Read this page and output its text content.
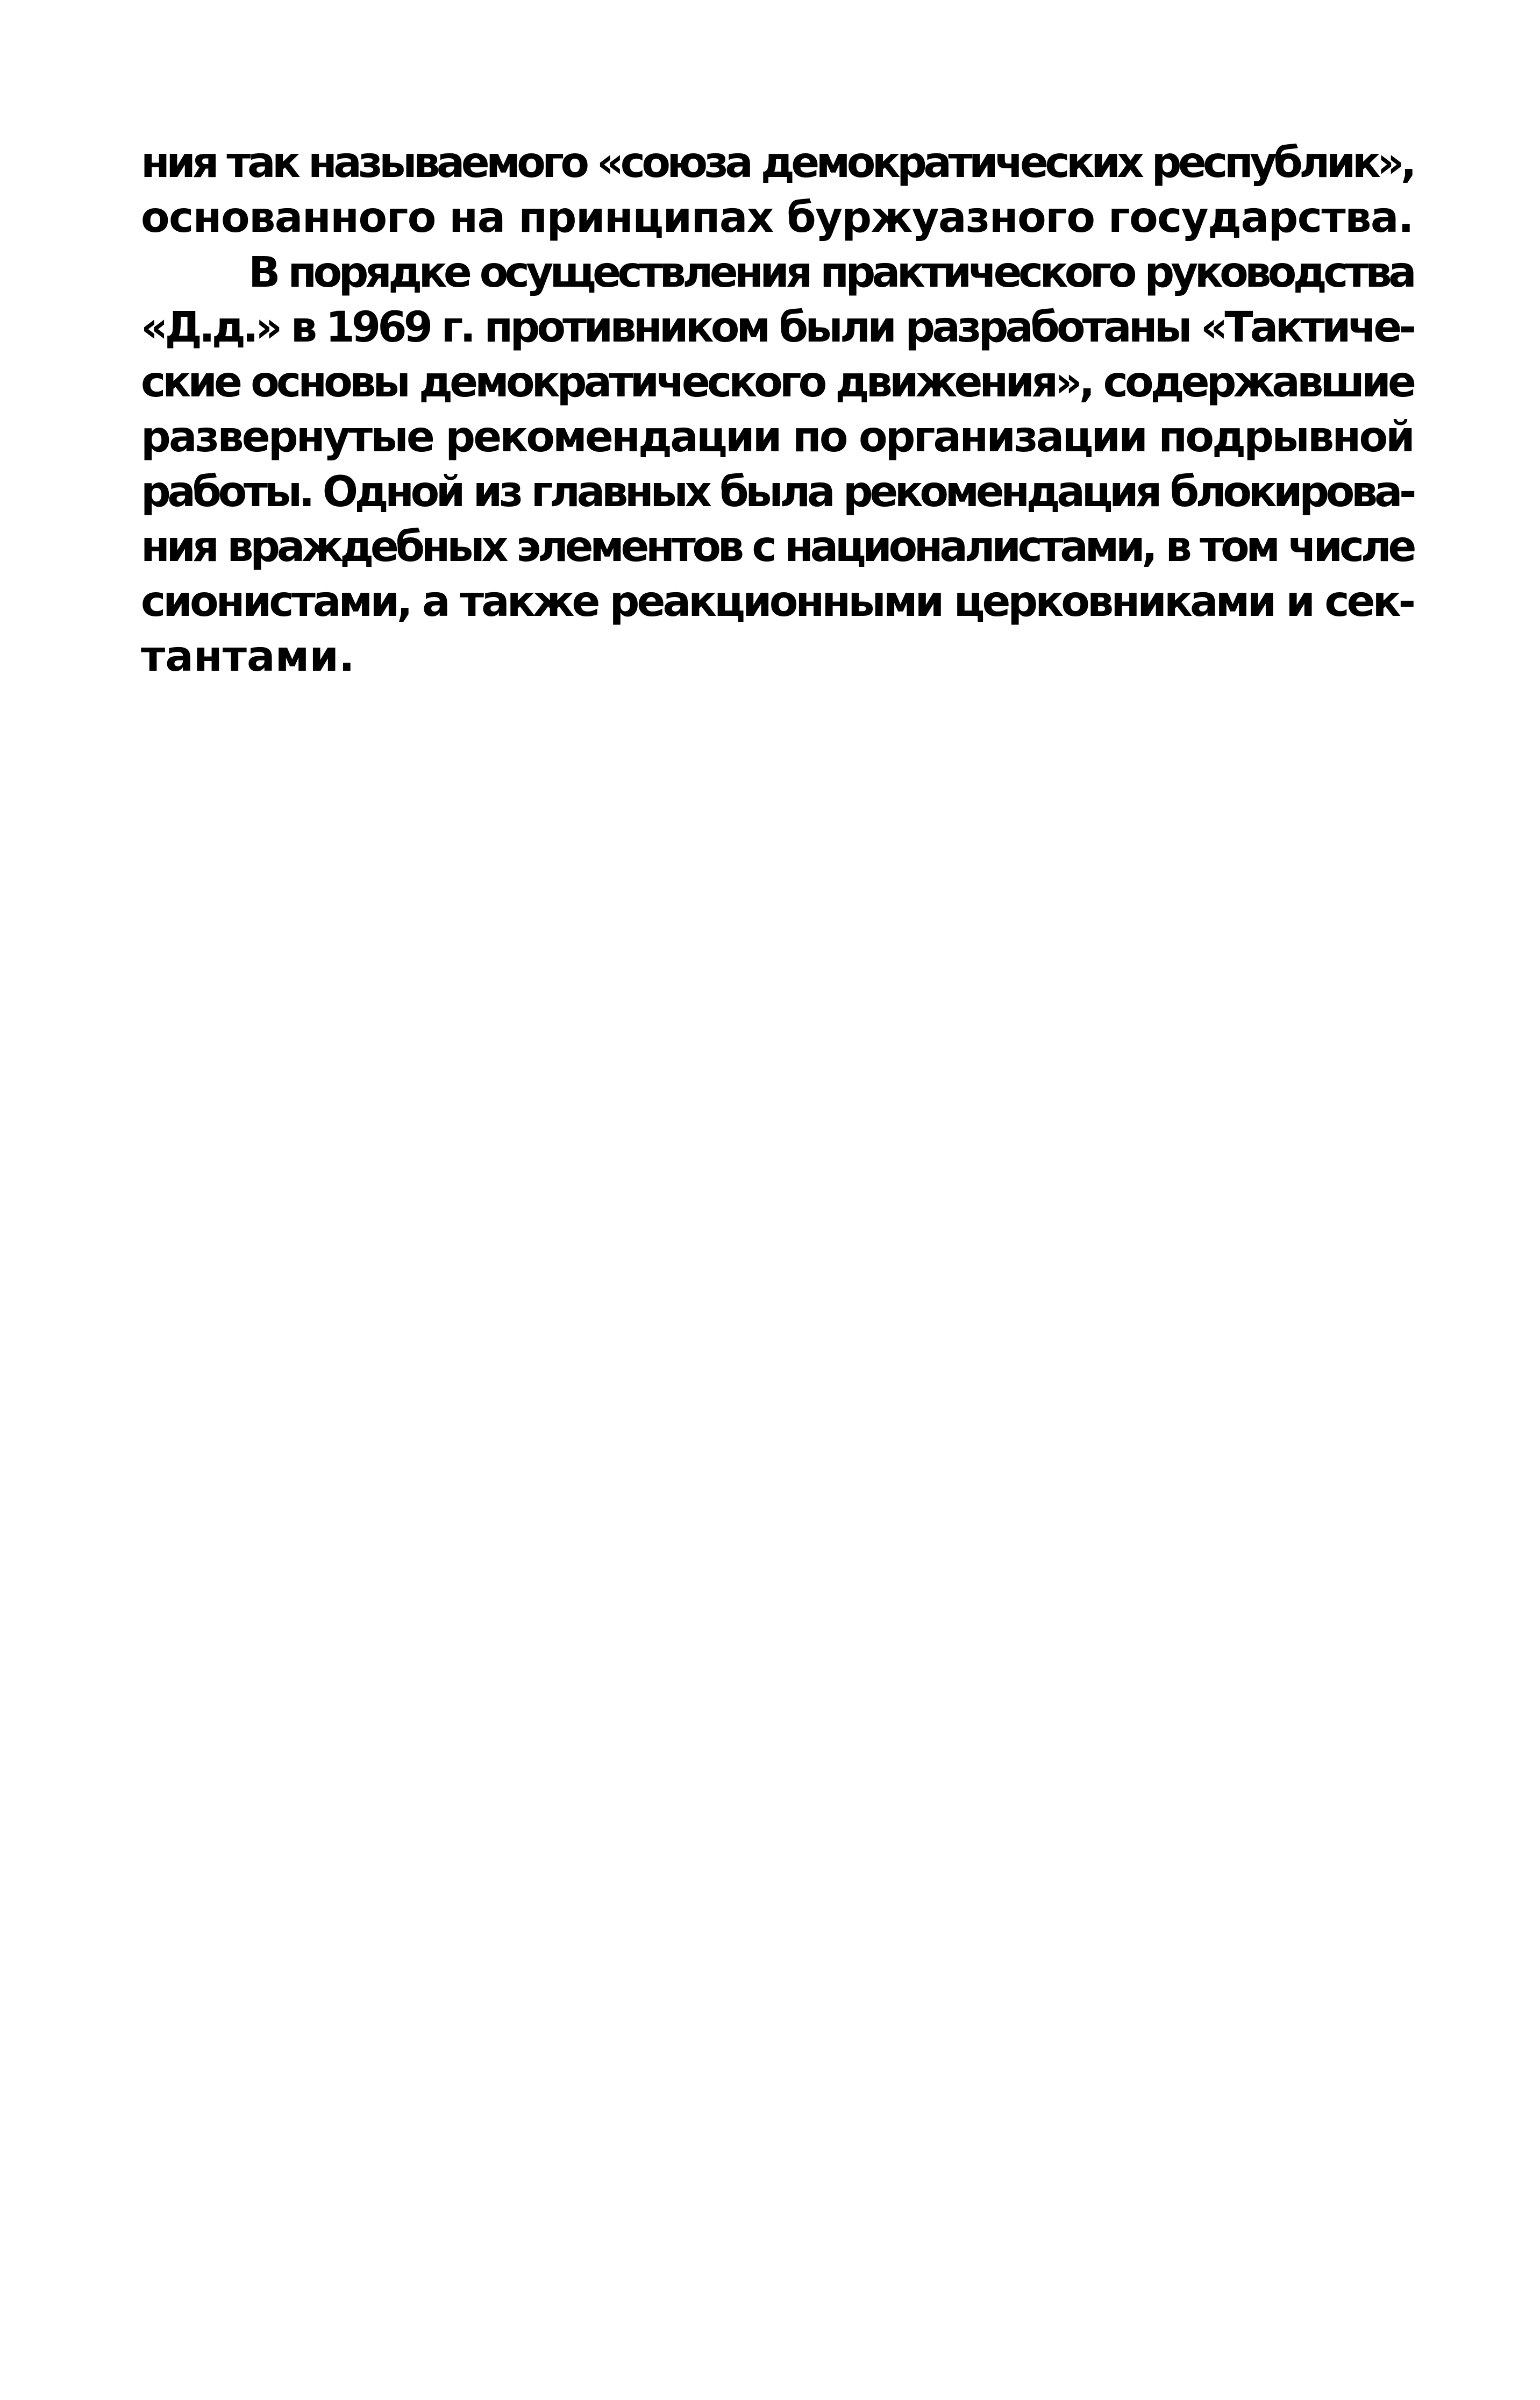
ния так называемого «союза демократических республик»,
основанного на принципах буржуазного государства.
В порядке осуществления практического руководства
«Д.д.» в 1969 г. противником были разработаны «Тактиче-
ские основы демократического движения», содержавшие
развернутые рекомендации по организации подрывной
работы. Одной из главных была рекомендация блокирова-
ния враждебных элементов с националистами, в том числе
сионистами, а также реакционными церковниками и сек-
тантами.
